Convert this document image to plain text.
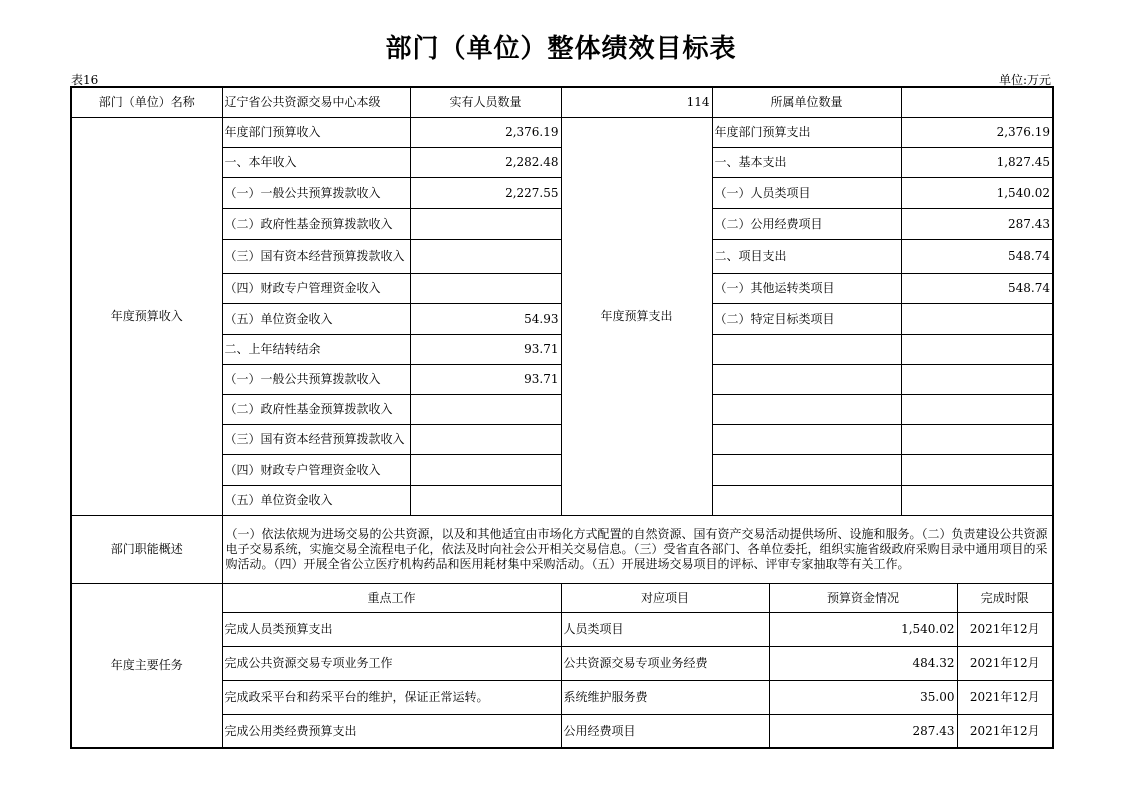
部门（单位）整体绩效目标表
表16	单位:万元
部门（单位）名称	辽宁省公共资源交易中心本级	实有人员数量	114	所属单位数量			
年度预算收入	年度部门预算收入	2,376.19	年度预算支出	年度部门预算支出		2,376.19	
	一、本年收入	2,282.48		一、基本支出		1,827.45	
	（一）一般公共预算拨款收入	2,227.55		（一）人员类项目		1,540.02	
	（二）政府性基金预算拨款收入			（二）公用经费项目		287.43	
	（三）国有资本经营预算拨款收入			二、项目支出		548.74	
	（四）财政专户管理资金收入			（一）其他运转类项目		548.74	
	（五）单位资金收入	54.93		（二）特定目标类项目			
	二、上年结转结余	93.71					
	（一）一般公共预算拨款收入	93.71					
	（二）政府性基金预算拨款收入						
	（三）国有资本经营预算拨款收入						
	（四）财政专户管理资金收入						
	（五）单位资金收入						
部门职能概述	（一）依法依规为进场交易的公共资源，以及和其他适宜由市场化方式配置的自然资源、国有资产交易活动提供场所、设施和服务。（二）负责建设公共资源电子交易系统，实施交易全流程电子化，依法及时向社会公开相关交易信息。（三）受省直各部门、各单位委托，组织实施省级政府采购目录中通用项目的采购活动。（四）开展全省公立医疗机构药品和医用耗材集中采购活动。（五）开展进场交易项目的评标、评审专家抽取等有关工作。						
年度主要任务	重点工作		对应项目		预算资金情况		完成时限
	完成人员类预算支出		人员类项目		1,540.02		2021年12月
	完成公共资源交易专项业务工作		公共资源交易专项业务经费		484.32		2021年12月
	完成政采平台和药采平台的维护，保证正常运转。		系统维护服务费		35.00		2021年12月
	完成公用类经费预算支出		公用经费项目		287.43		2021年12月
